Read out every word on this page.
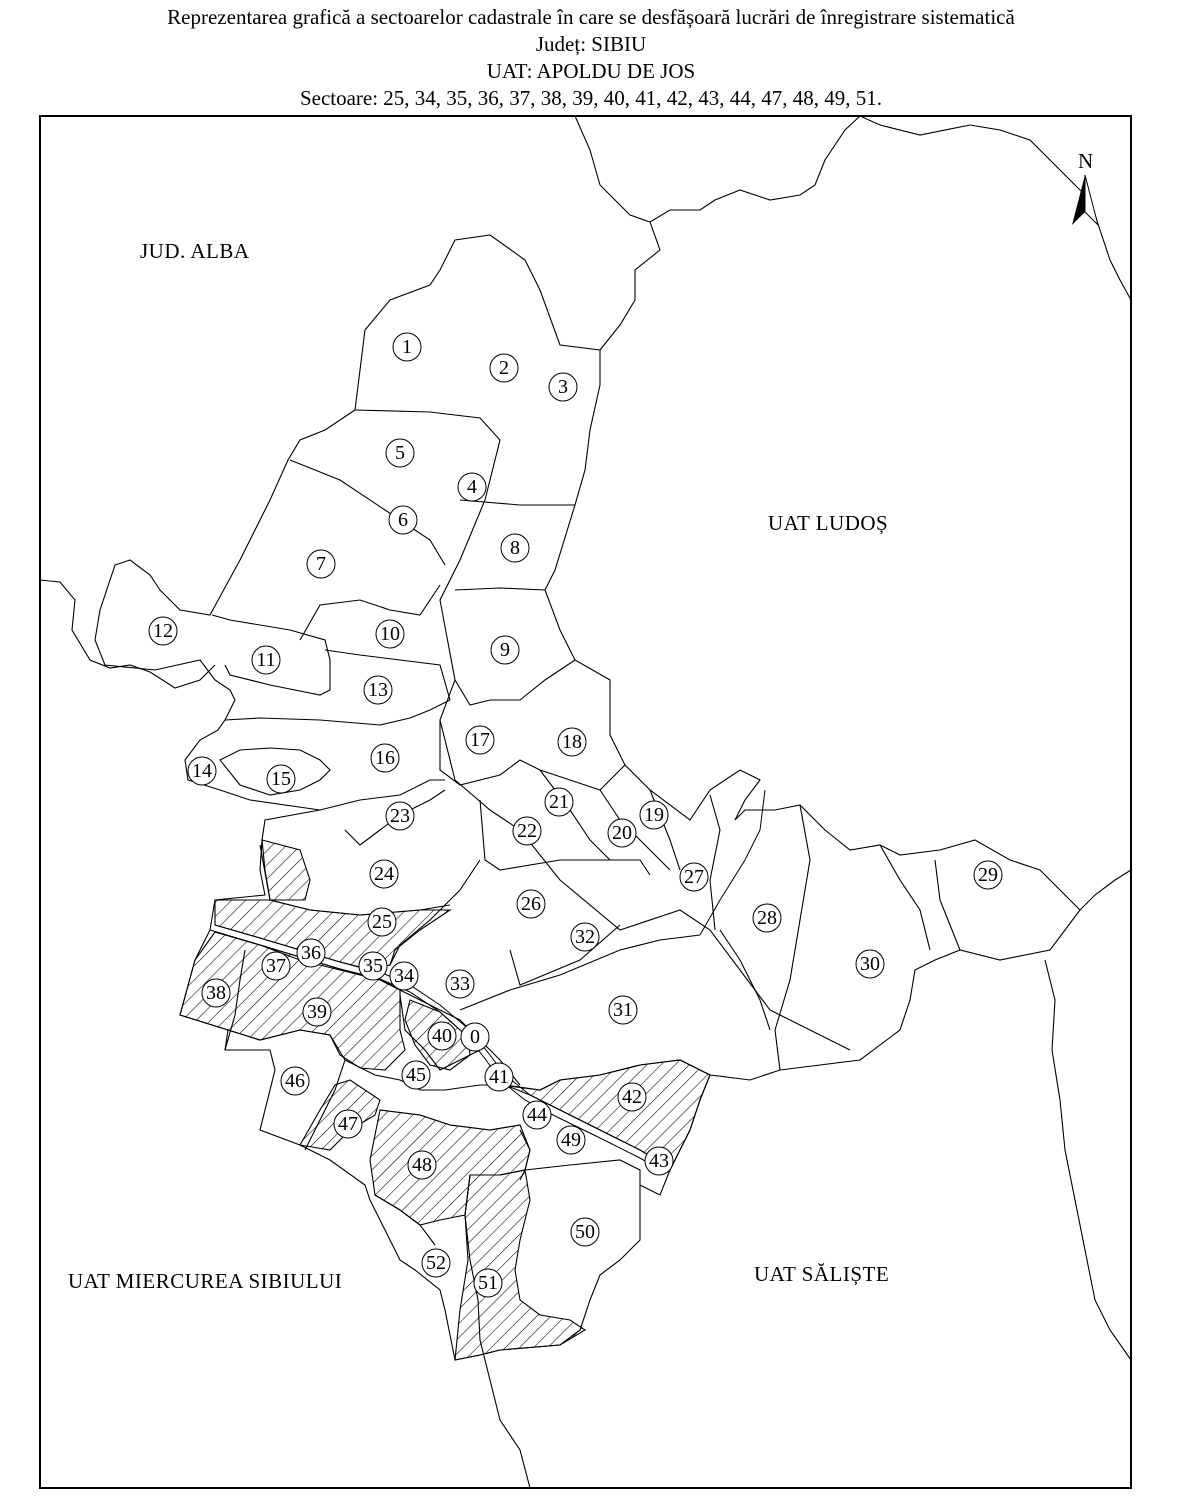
Reprezentarea grafică a sectoarelor cadastrale în care se desfășoară lucrări de înregistrare sistematică
Județ: SIBIU
UAT: APOLDU DE JOS
Sectoare: 25, 34, 35, 36, 37, 38, 39, 40, 41, 42, 43, 44, 47, 48, 49, 51.
N
JUD. ALBA
UAT LUDOȘ
UAT MIERCUREA SIBIULUI	UAT SĂLIȘTE
0
1
2
3
4
5
6
7
8
9
10
11
12
13
14	15
16
17	18
19
20
21
22
23
24
25
26
27
28
29
30
31
32
33
34
35
36
37
38
39
40
41
42
43
44
45
46
47
48
49
50
51
52
